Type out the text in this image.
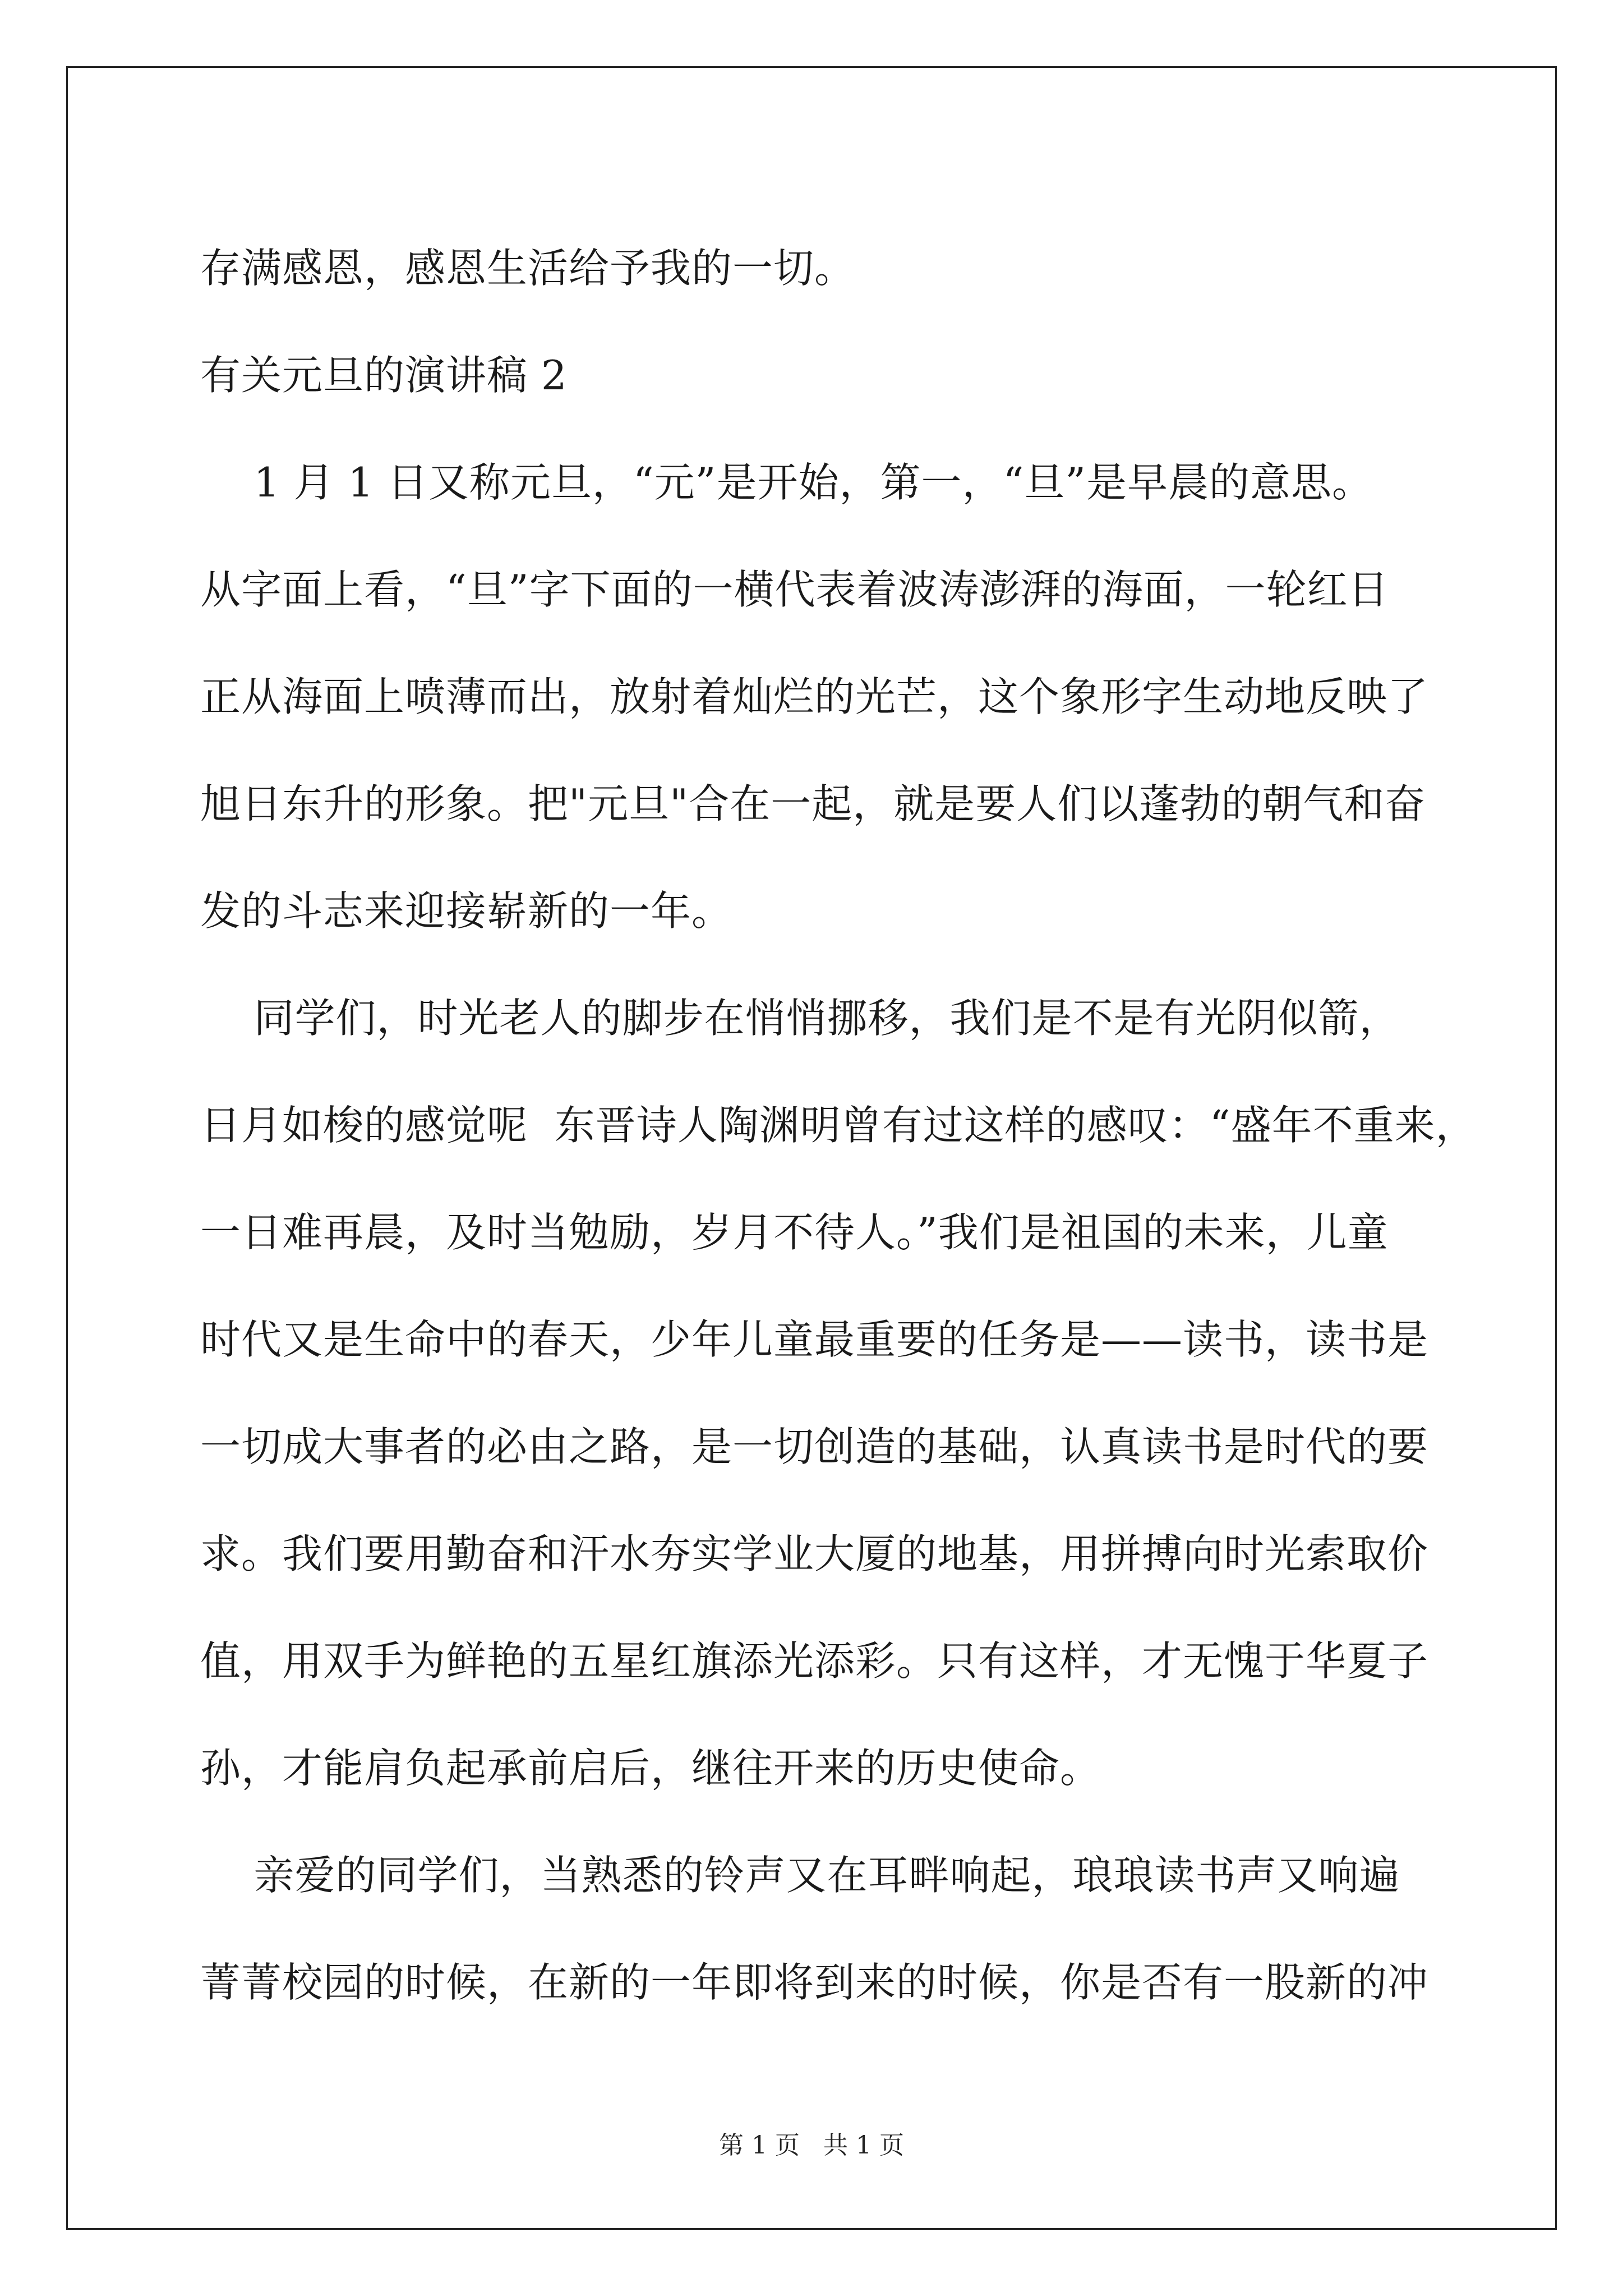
存满感恩，感恩生活给予我的一切。
有关元旦的演讲稿 2
1 月 1 日又称元旦，“元”是开始，第一，“旦”是早晨的意思。
从字面上看，“旦”字下面的一横代表着波涛澎湃的海面，一轮红日
正从海面上喷薄而出，放射着灿烂的光芒，这个象形字生动地反映了
旭日东升的形象。把"元旦"合在一起，就是要人们以蓬勃的朝气和奋
发的斗志来迎接崭新的一年。
同学们，时光老人的脚步在悄悄挪移，我们是不是有光阴似箭，
日月如梭的感觉呢  东晋诗人陶渊明曾有过这样的感叹：“盛年不重来，
一日难再晨，及时当勉励，岁月不待人。”我们是祖国的未来，儿童
时代又是生命中的春天，少年儿童最重要的任务是——读书，读书是
一切成大事者的必由之路，是一切创造的基础，认真读书是时代的要
求。我们要用勤奋和汗水夯实学业大厦的地基，用拼搏向时光索取价
值，用双手为鲜艳的五星红旗添光添彩。只有这样，才无愧于华夏子
孙，才能肩负起承前启后，继往开来的历史使命。
亲爱的同学们，当熟悉的铃声又在耳畔响起，琅琅读书声又响遍
菁菁校园的时候，在新的一年即将到来的时候，你是否有一股新的冲
第 1 页 共 1 页
